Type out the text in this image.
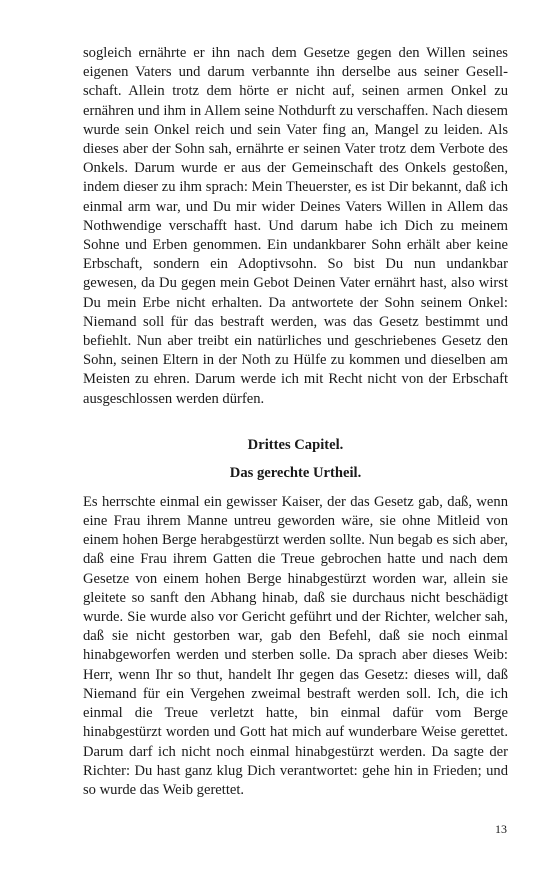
sogleich ernährte er ihn nach dem Gesetze gegen den Willen seines eigenen Vaters und darum verbannte ihn derselbe aus seiner Gesellschaft. Allein trotz dem hörte er nicht auf, seinen armen Onkel zu ernähren und ihm in Allem seine Nothdurft zu verschaffen. Nach diesem wurde sein Onkel reich und sein Vater fing an, Mangel zu leiden. Als dieses aber der Sohn sah, ernährte er seinen Vater trotz dem Verbote des Onkels. Darum wurde er aus der Gemeinschaft des Onkels gestoßen, indem dieser zu ihm sprach: Mein Theuerster, es ist Dir bekannt, daß ich einmal arm war, und Du mir wider Deines Vaters Willen in Allem das Nothwendige verschafft hast. Und darum habe ich Dich zu meinem Sohne und Erben genommen. Ein undankbarer Sohn erhält aber keine Erbschaft, sondern ein Adoptivsohn. So bist Du nun undankbar gewesen, da Du gegen mein Gebot Deinen Vater ernährt hast, also wirst Du mein Erbe nicht erhalten. Da antwortete der Sohn seinem Onkel: Niemand soll für das bestraft werden, was das Gesetz bestimmt und befiehlt. Nun aber treibt ein natürliches und geschriebenes Gesetz den Sohn, seinen Eltern in der Noth zu Hülfe zu kommen und dieselben am Meisten zu ehren. Darum werde ich mit Recht nicht von der Erbschaft ausgeschlossen werden dürfen.

Drittes Capitel.

Das gerechte Urtheil.

Es herrschte einmal ein gewisser Kaiser, der das Gesetz gab, daß, wenn eine Frau ihrem Manne untreu geworden wäre, sie ohne Mitleid von einem hohen Berge herabgestürzt werden sollte. Nun begab es sich aber, daß eine Frau ihrem Gatten die Treue gebrochen hatte und nach dem Gesetze von einem hohen Berge hinabgestürzt worden war, allein sie gleitete so sanft den Abhang hinab, daß sie durchaus nicht beschädigt wurde. Sie wurde also vor Gericht geführt und der Richter, welcher sah, daß sie nicht gestorben war, gab den Befehl, daß sie noch einmal hinabgeworfen werden und sterben solle. Da sprach aber dieses Weib: Herr, wenn Ihr so thut, handelt Ihr gegen das Gesetz: dieses will, daß Niemand für ein Vergehen zweimal bestraft werden soll. Ich, die ich einmal die Treue verletzt hatte, bin einmal dafür vom Berge hinabgestürzt worden und Gott hat mich auf wunderbare Weise gerettet. Darum darf ich nicht noch einmal hinabgestürzt werden. Da sagte der Richter: Du hast ganz klug Dich verantwortet: gehe hin in Frieden; und so wurde das Weib gerettet.

13
